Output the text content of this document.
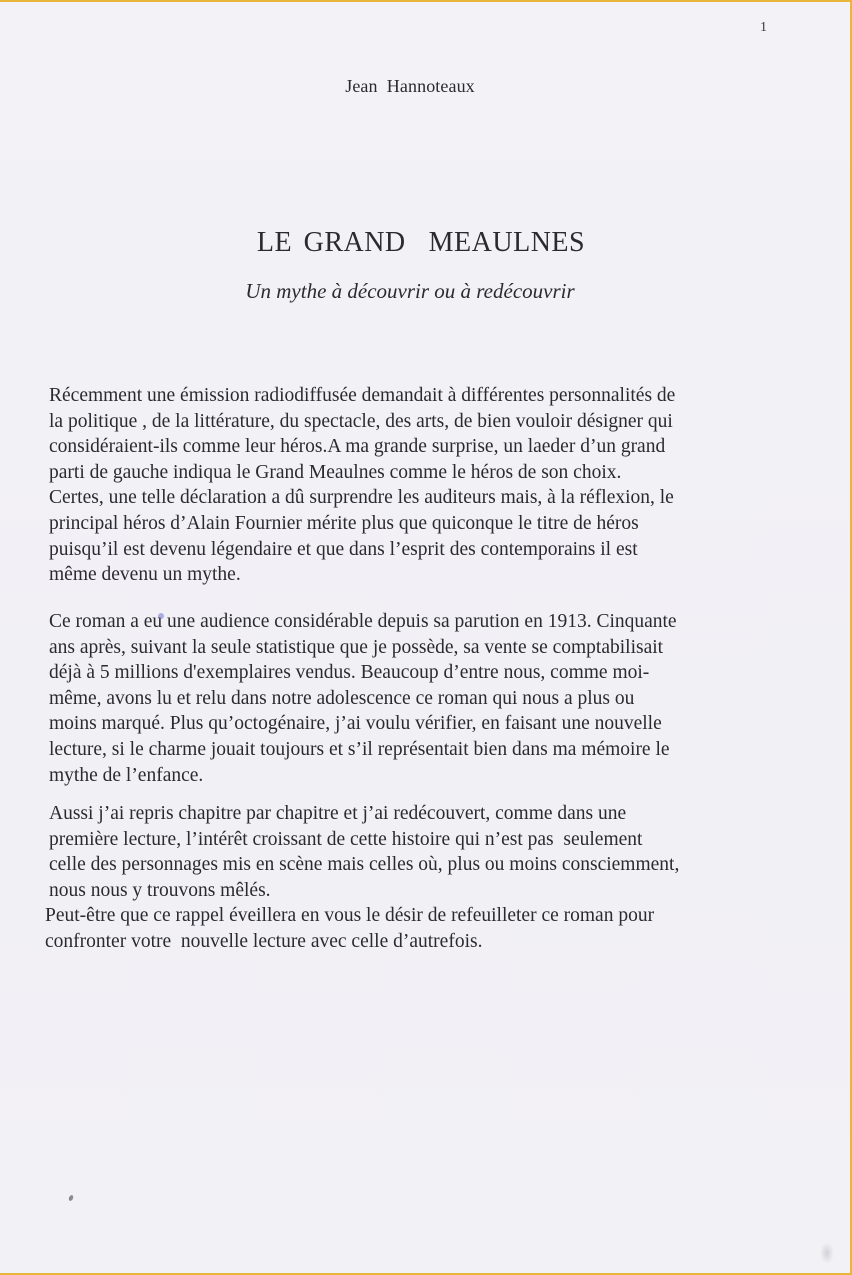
1
Jean  Hannoteaux
LE GRAND  MEAULNES
Un mythe à découvrir ou à redécouvrir
Récemment une émission radiodiffusée demandait à différentes personnalités de
la politique , de la littérature, du spectacle, des arts, de bien vouloir désigner qui
considéraient-ils comme leur héros.A ma grande surprise, un laeder d’un grand
parti de gauche indiqua le Grand Meaulnes comme le héros de son choix.
Certes, une telle déclaration a dû surprendre les auditeurs mais, à la réflexion, le
principal héros d’Alain Fournier mérite plus que quiconque le titre de héros
puisqu’il est devenu légendaire et que dans l’esprit des contemporains il est
même devenu un mythe.
Ce roman a eu une audience considérable depuis sa parution en 1913. Cinquante
ans après, suivant la seule statistique que je possède, sa vente se comptabilisait
déjà à 5 millions d'exemplaires vendus. Beaucoup d’entre nous, comme moi-
même, avons lu et relu dans notre adolescence ce roman qui nous a plus ou
moins marqué. Plus qu’octogénaire, j’ai voulu vérifier, en faisant une nouvelle
lecture, si le charme jouait toujours et s’il représentait bien dans ma mémoire le
mythe de l’enfance.
Aussi j’ai repris chapitre par chapitre et j’ai redécouvert, comme dans une
première lecture, l’intérêt croissant de cette histoire qui n’est pas  seulement
celle des personnages mis en scène mais celles où, plus ou moins consciemment,
nous nous y trouvons mêlés.
Peut-être que ce rappel éveillera en vous le désir de refeuilleter ce roman pour
confronter votre  nouvelle lecture avec celle d’autrefois.
